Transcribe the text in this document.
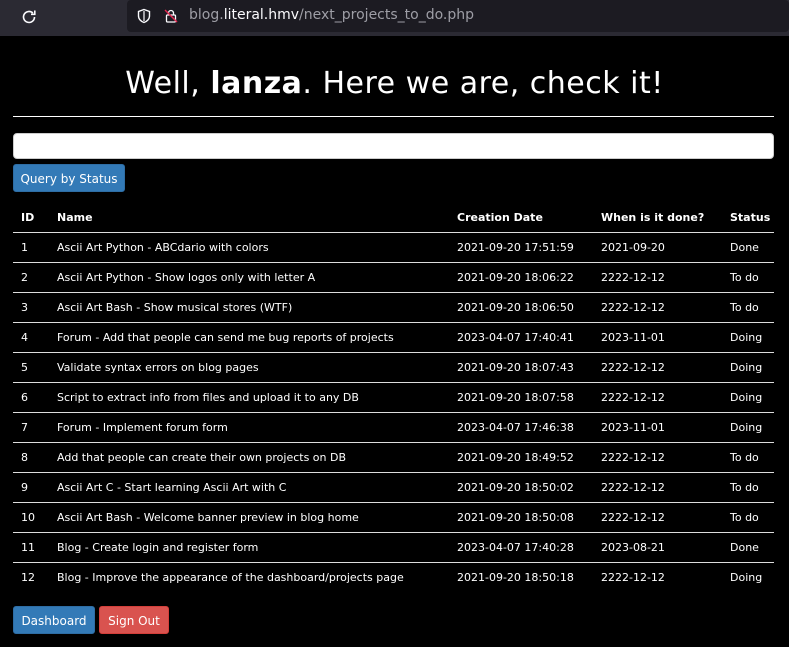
blog.literal.hmv/next_projects_to_do.php
Well, lanza. Here we are, check it!
Query by Status
ID	Name	Creation Date	When is it done?	Status
1	Ascii Art Python - ABCdario with colors	2021-09-20 17:51:59	2021-09-20	Done
2	Ascii Art Python - Show logos only with letter A	2021-09-20 18:06:22	2222-12-12	To do
3	Ascii Art Bash - Show musical stores (WTF)	2021-09-20 18:06:50	2222-12-12	To do
4	Forum - Add that people can send me bug reports of projects	2023-04-07 17:40:41	2023-11-01	Doing
5	Validate syntax errors on blog pages	2021-09-20 18:07:43	2222-12-12	Doing
6	Script to extract info from files and upload it to any DB	2021-09-20 18:07:58	2222-12-12	Doing
7	Forum - Implement forum form	2023-04-07 17:46:38	2023-11-01	Doing
8	Add that people can create their own projects on DB	2021-09-20 18:49:52	2222-12-12	To do
9	Ascii Art C - Start learning Ascii Art with C	2021-09-20 18:50:02	2222-12-12	To do
10	Ascii Art Bash - Welcome banner preview in blog home	2021-09-20 18:50:08	2222-12-12	To do
11	Blog - Create login and register form	2023-04-07 17:40:28	2023-08-21	Done
12	Blog - Improve the appearance of the dashboard/projects page	2021-09-20 18:50:18	2222-12-12	Doing
Dashboard	Sign Out
